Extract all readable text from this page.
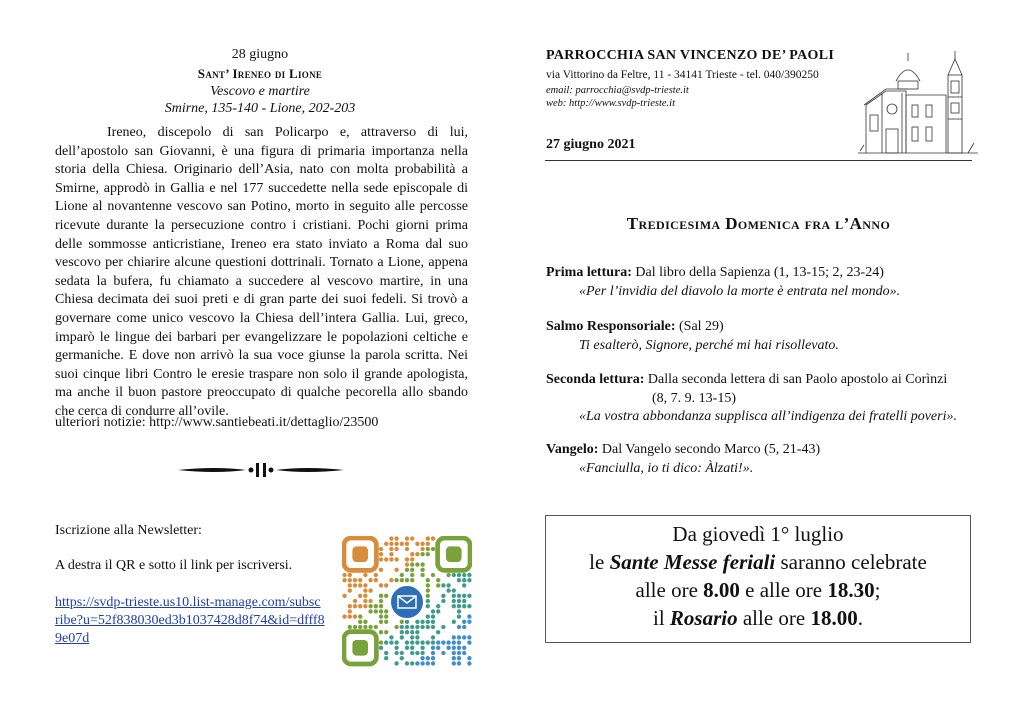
28 giugno
Sant’ Ireneo di Lione
Vescovo e martire
Smirne, 135-140 - Lione, 202-203
Ireneo, discepolo di san Policarpo e, attraverso di lui, dell’apostolo san Giovanni, è una figura di primaria importanza nella storia della Chiesa. Originario dell’Asia, nato con molta probabilità a Smirne, approdò in Gallia e nel 177 succedette nella sede episcopale di Lione al novantenne vescovo san Potino, morto in seguito alle percosse ricevute durante la persecuzione contro i cristiani. Pochi giorni prima delle sommosse anticristiane, Ireneo era stato inviato a Roma dal suo vescovo per chiarire alcune questioni dottrinali. Tornato a Lione, appena sedata la bufera, fu chiamato a succedere al vescovo martire, in una Chiesa decimata dei suoi preti e di gran parte dei suoi fedeli. Si trovò a governare come unico vescovo la Chiesa dell’intera Gallia. Lui, greco, imparò le lingue dei barbari per evangelizzare le popolazioni celtiche e germaniche. E dove non arrivò la sua voce giunse la parola scritta. Nei suoi cinque libri Contro le eresie traspare non solo il grande apologista, ma anche il buon pastore preoccupato di qualche pecorella allo sbando che cerca di condurre all’ovile.
ulteriori notizie: http://www.santiebeati.it/dettaglio/23500
Iscrizione alla Newsletter:
A destra il QR e sotto il link per iscriversi.
https://svdp-trieste.us10.list-manage.com/subscribe?u=52f838030ed3b1037428d8f74&id=dfff89e07d
PARROCCHIA SAN VINCENZO DE’ PAOLI
via Vittorino da Feltre, 11 - 34141 Trieste - tel. 040/390250
email: parrocchia@svdp-trieste.it
web: http://www.svdp-trieste.it
27 giugno 2021
Tredicesima Domenica fra l’Anno
Prima lettura: Dal libro della Sapienza (1, 13-15; 2, 23-24)
«Per l’invidia del diavolo la morte è entrata nel mondo».
Salmo Responsoriale: (Sal 29)
Ti esalterò, Signore, perché mi hai risollevato.
Seconda lettura: Dalla seconda lettera di san Paolo apostolo ai Corìnzi
(8, 7. 9. 13-15)
«La vostra abbondanza supplisca all’indigenza dei fratelli poveri».
Vangelo: Dal Vangelo secondo Marco (5, 21-43)
«Fanciulla, io ti dico: Àlzati!».
Da giovedì 1° luglio
le Sante Messe feriali saranno celebrate
alle ore 8.00 e alle ore 18.30;
il Rosario alle ore 18.00.
